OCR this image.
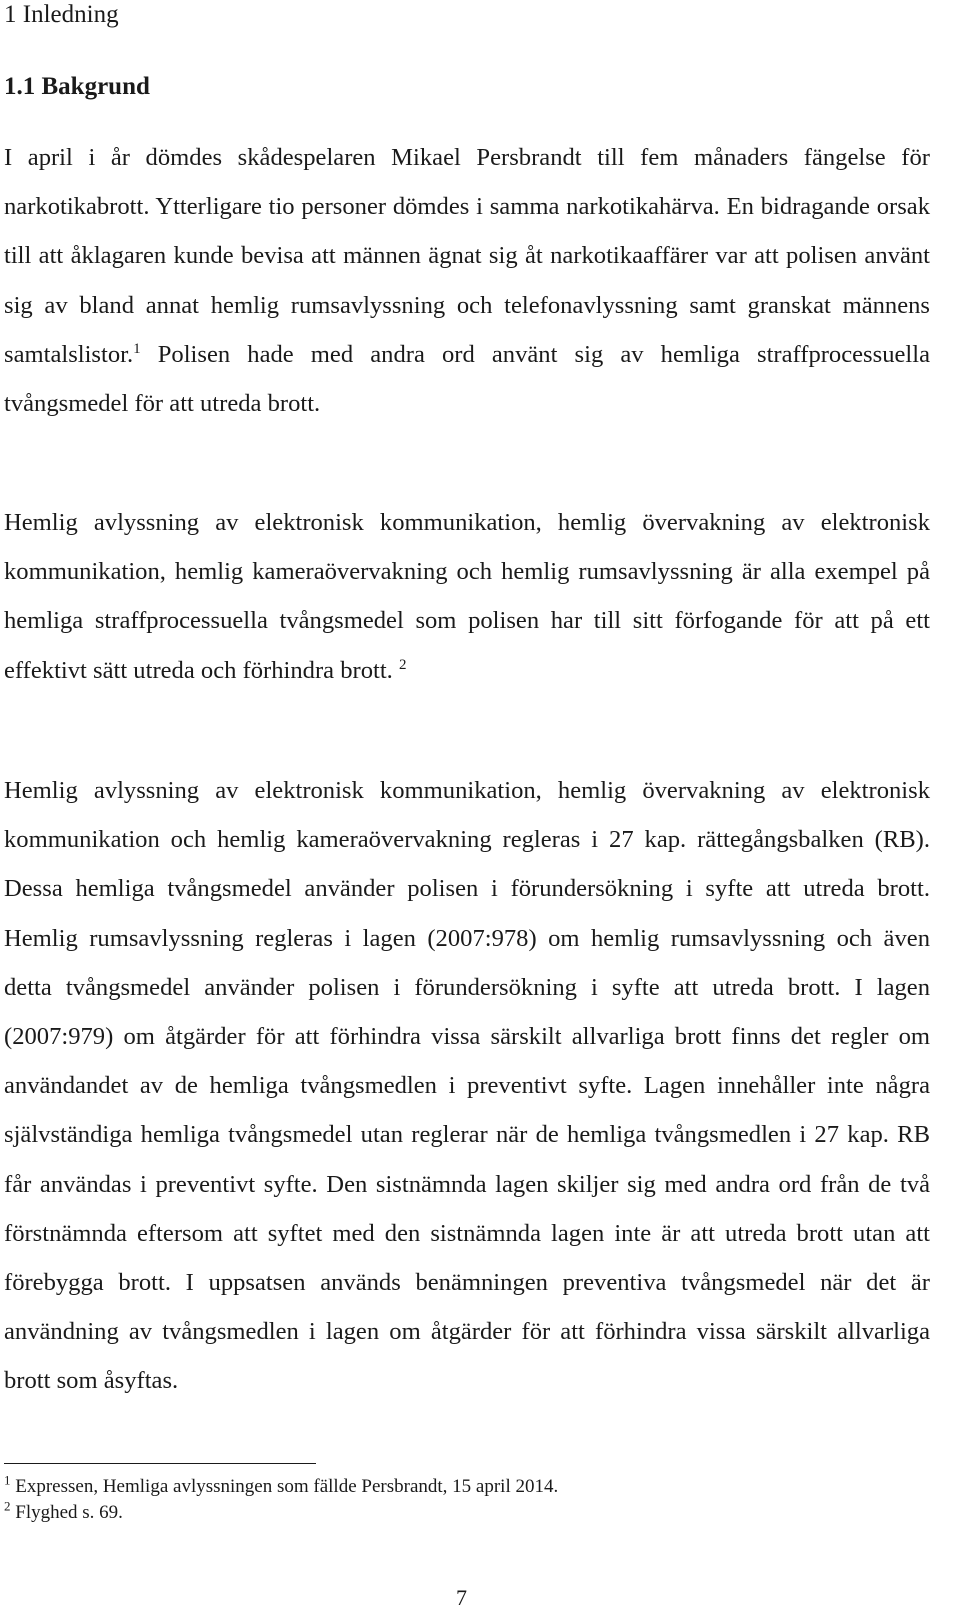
1 Inledning
1.1 Bakgrund

I april i år dömdes skådespelaren Mikael Persbrandt till fem månaders fängelse för narkotikabrott. Ytterligare tio personer dömdes i samma narkotikahärva. En bidragande orsak till att åklagaren kunde bevisa att männen ägnat sig åt narkotikaaffärer var att polisen använt sig av bland annat hemlig rumsavlyssning och telefonavlyssning samt granskat männens samtalslistor.$^1$ Polisen hade med andra ord använt sig av hemliga straffprocessuella tvångsmedel för att utreda brott.

Hemlig avlyssning av elektronisk kommunikation, hemlig övervakning av elektronisk kommunikation, hemlig kameraövervakning och hemlig rumsavlyssning är alla exempel på hemliga straffprocessuella tvångsmedel som polisen har till sitt förfogande för att på ett effektivt sätt utreda och förhindra brott. $^2$

Hemlig avlyssning av elektronisk kommunikation, hemlig övervakning av elektronisk kommunikation och hemlig kameraövervakning regleras i 27 kap. rättegångsbalken (RB). Dessa hemliga tvångsmedel använder polisen i förundersökning i syfte att utreda brott. Hemlig rumsavlyssning regleras i lagen (2007:978) om hemlig rumsavlyssning och även detta tvångsmedel använder polisen i förundersökning i syfte att utreda brott. I lagen (2007:979) om åtgärder för att förhindra vissa särskilt allvarliga brott finns det regler om användandet av de hemliga tvångsmedlen i preventivt syfte. Lagen innehåller inte några självständiga hemliga tvångsmedel utan reglerar när de hemliga tvångsmedlen i 27 kap. RB får användas i preventivt syfte. Den sistnämnda lagen skiljer sig med andra ord från de två förstnämnda eftersom att syftet med den sistnämnda lagen inte är att utreda brott utan att förebygga brott. I uppsatsen används benämningen preventiva tvångsmedel när det är användning av tvångsmedlen i lagen om åtgärder för att förhindra vissa särskilt allvarliga brott som åsyftas.

$^1$ Expressen, Hemliga avlyssningen som fällde Persbrandt, 15 april 2014.

$^2$ Flyghed s. 69.

7
